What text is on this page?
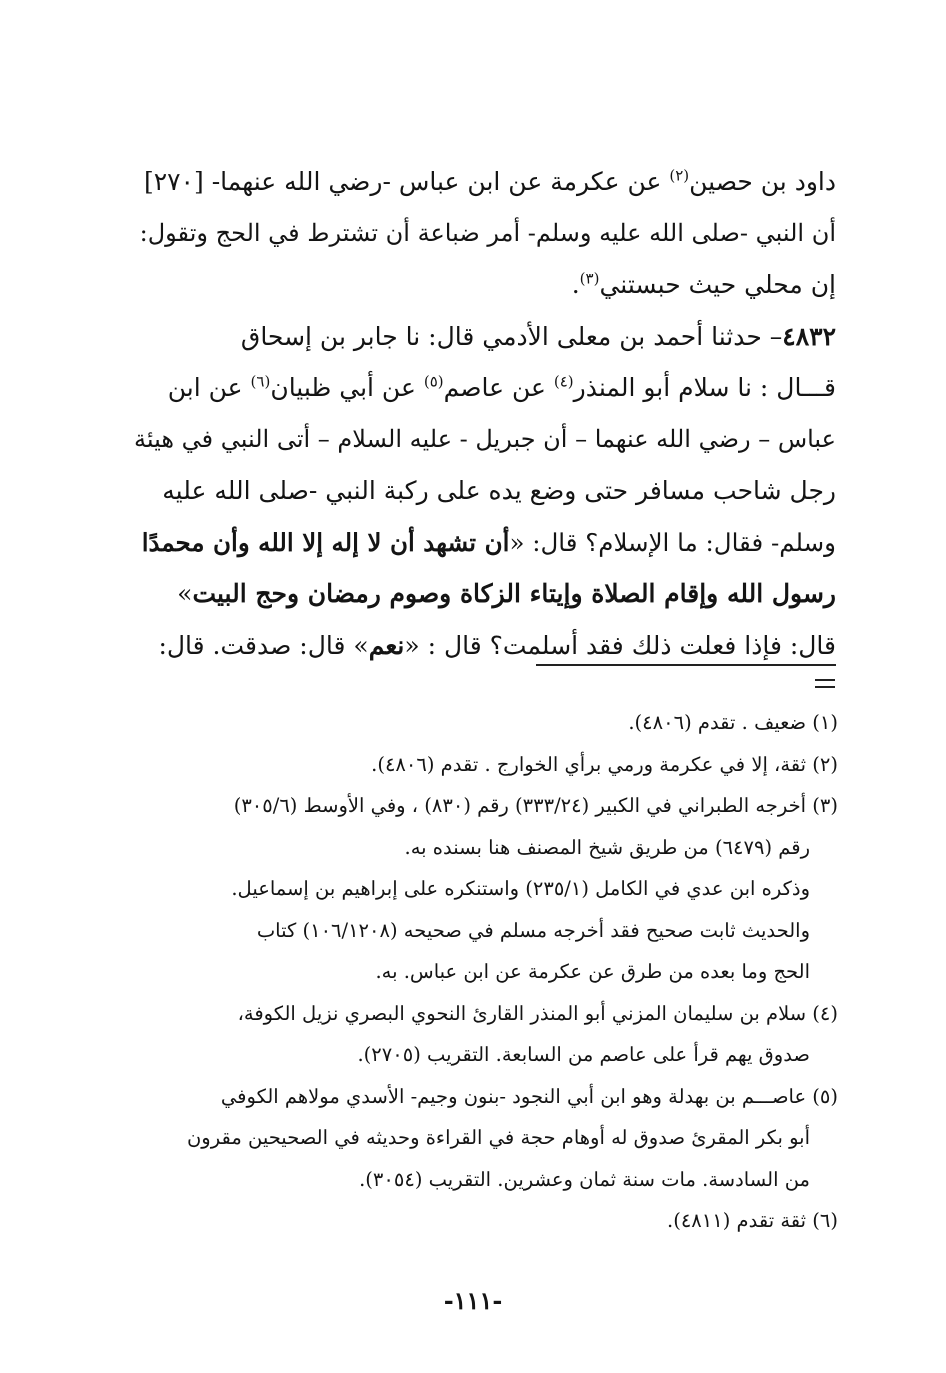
داود بن حصين$^{(٢)}$ عن عكرمة عن ابن عباس -رضي الله عنهما- [٢٧٠]
أن النبي -صلى الله عليه وسلم- أمر ضباعة أن تشترط في الحج وتقول:
إن محلي حيث حبستني$^{(٣)}$.
٤٨٣٢– حدثنا أحمد بن معلى الأدمي قال: نا جابر بن إسحاق
قـــال : نا سلام أبو المنذر$^{(٤)}$ عن عاصم$^{(٥)}$ عن أبي ظبيان$^{(٦)}$ عن ابن
عباس – رضي الله عنهما – أن جبريل - عليه السلام – أتى النبي في هيئة
رجل شاحب مسافر حتى وضع يده على ركبة النبي -صلى الله عليه
وسلم- فقال: ما الإسلام؟ قال: «أن تشهد أن لا إله إلا الله وأن محمدًا
رسول الله وإقام الصلاة وإيتاء الزكاة وصوم رمضان وحج البيت»
قال: فإذا فعلت ذلك فقد أسلمت؟ قال : «نعم» قال: صدقت. قال:
(١) ضعيف . تقدم (٤٨٠٦).
(٢) ثقة، إلا في عكرمة ورمي برأي الخوارج . تقدم (٤٨٠٦).
(٣) أخرجه الطبراني في الكبير (٣٣٣/٢٤) رقم (٨٣٠) ، وفي الأوسط (٣٠٥/٦)
رقم (٦٤٧٩) من طريق شيخ المصنف هنا بسنده به.
وذكره ابن عدي في الكامل (٢٣٥/١) واستنكره على إبراهيم بن إسماعيل.
والحديث ثابت صحيح فقد أخرجه مسلم في صحيحه (١٠٦/١٢٠٨) كتاب
الحج وما بعده من طرق عن عكرمة عن ابن عباس. به.
(٤) سلام بن سليمان المزني أبو المنذر القارئ النحوي البصري نزيل الكوفة،
صدوق يهم قرأ على عاصم من السابعة. التقريب (٢٧٠٥).
(٥) عاصـــم بن بهدلة وهو ابن أبي النجود -بنون وجيم- الأسدي مولاهم الكوفي
أبو بكر المقرئ صدوق له أوهام حجة في القراءة وحديثه في الصحيحين مقرون
من السادسة. مات سنة ثمان وعشرين. التقريب (٣٠٥٤).
(٦) ثقة تقدم (٤٨١١).
-١١١-
